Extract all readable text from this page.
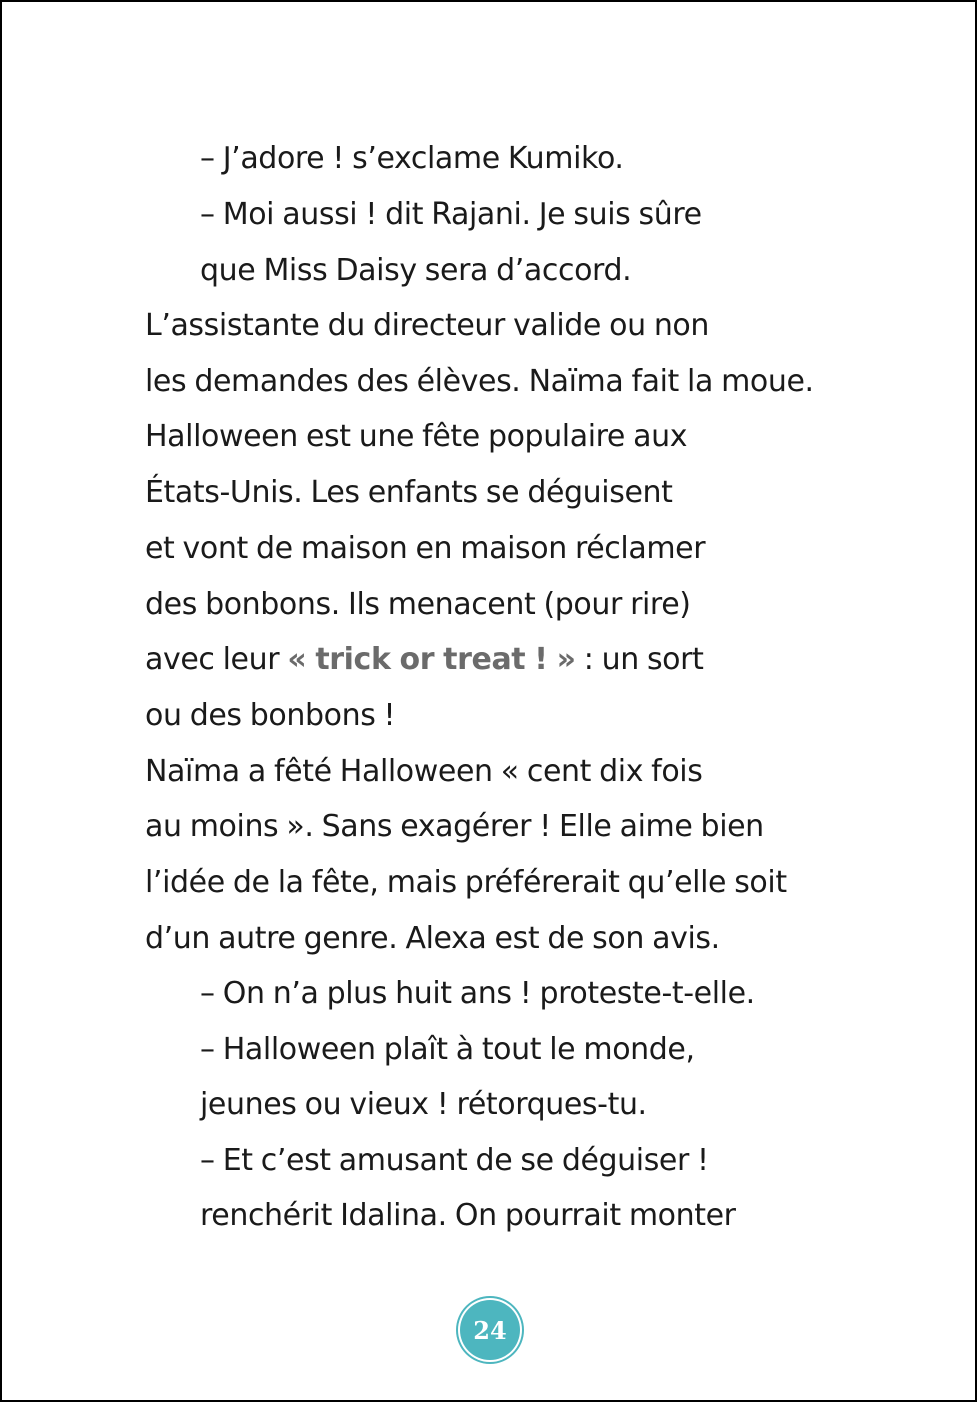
– J’adore ! s’exclame Kumiko.
– Moi aussi ! dit Rajani. Je suis sûre
que Miss Daisy sera d’accord.
L’assistante du directeur valide ou non
les demandes des élèves. Naïma fait la moue.
Halloween est une fête populaire aux
États-Unis. Les enfants se déguisent
et vont de maison en maison réclamer
des bonbons. Ils menacent (pour rire)
avec leur « trick or treat ! » : un sort
ou des bonbons !
Naïma a fêté Halloween « cent dix fois
au moins ». Sans exagérer ! Elle aime bien
l’idée de la fête, mais préférerait qu’elle soit
d’un autre genre. Alexa est de son avis.
– On n’a plus huit ans ! proteste-t-elle.
– Halloween plaît à tout le monde,
jeunes ou vieux ! rétorques-tu.
– Et c’est amusant de se déguiser !
renchérit Idalina. On pourrait monter
24
